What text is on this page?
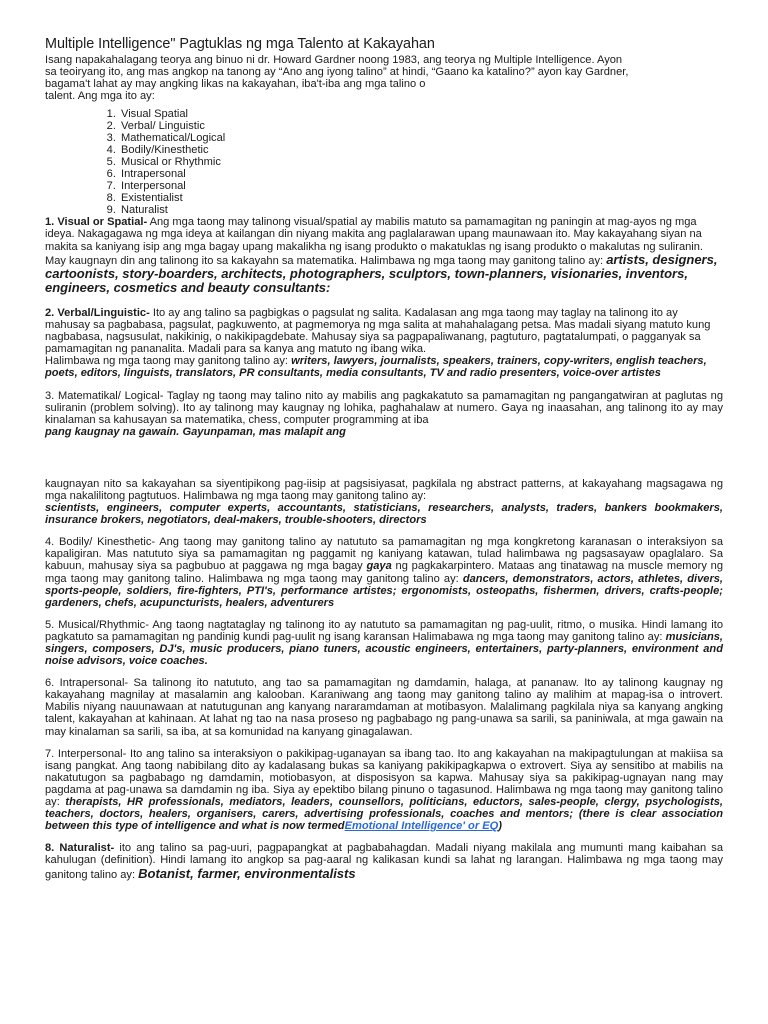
Multiple Intelligence" Pagtuklas ng mga Talento at Kakayahan

Isang napakahalagang teorya ang binuo ni dr. Howard Gardner noong 1983, ang teorya ng Multiple Intelligence. Ayon
sa teoiryang ito, ang mas angkop na tanong ay “Ano ang iyong talino” at hindi, “Gaano ka katalino?” ayon kay Gardner,
bagama't lahat ay may angking likas na kakayahan, iba't-iba ang mga talino o
talent. Ang mga ito ay:

1. Visual Spatial
2. Verbal/ Linguistic
3. Mathematical/Logical
4. Bodily/Kinesthetic
5. Musical or Rhythmic
6. Intrapersonal
7. Interpersonal
8. Existentialist
9. Naturalist

1. Visual or Spatial- Ang mga taong may talinong visual/spatial ay mabilis matuto sa pamamagitan ng paningin at mag-ayos ng mga ideya. Nakagagawa ng mga ideya at kailangan din niyang makita ang paglalarawan upang maunawaan ito. May kakayahang siyan na makita sa kaniyang isip ang mga bagay upang makalikha ng isang produkto o makatuklas ng isang produkto o makalutas ng suliranin. May kaugnayn din ang talinong ito sa kakayahn sa matematika. Halimbawa ng mga taong may ganitong talino ay: artists, designers, cartoonists, story-boarders, architects, photographers, sculptors, town-planners, visionaries, inventors, engineers, cosmetics and beauty consultants:

2. Verbal/Linguistic- Ito ay ang talino sa pagbigkas o pagsulat ng salita. Kadalasan ang mga taong may taglay na talinong ito ay mahusay sa pagbabasa, pagsulat, pagkuwento, at pagmemorya ng mga salita at mahahalagang petsa. Mas madali siyang matuto kung nagbabasa, nagsusulat, nakikinig, o nakikipagdebate. Mahusay siya sa pagpapaliwanang, pagtuturo, pagtatalumpati, o pagganyak sa pamamagitan ng pananalita. Madali para sa kanya ang matuto ng ibang wika.
Halimbawa ng mga taong may ganitong talino ay: writers, lawyers, journalists, speakers, trainers, copy-writers, english teachers, poets, editors, linguists, translators, PR consultants, media consultants, TV and radio presenters, voice-over artistes

3. Matematikal/ Logical- Taglay ng taong may talino nito ay mabilis ang pagkakatuto sa pamamagitan ng pangangatwiran at paglutas ng suliranin (problem solving). Ito ay talinong may kaugnay ng lohika, paghahalaw at numero. Gaya ng inaasahan, ang talinong ito ay may kinalaman sa kahusayan sa matematika, chess, computer programming at iba
pang kaugnay na gawain. Gayunpaman, mas malapit ang

kaugnayan nito sa kakayahan sa siyentipikong pag-iisip at pagsisiyasat, pagkilala ng abstract patterns, at kakayahang magsagawa ng mga nakalilitong pagtutuos. Halimbawa ng mga taong may ganitong talino ay:
scientists, engineers, computer experts, accountants, statisticians, researchers, analysts, traders, bankers bookmakers, insurance brokers, negotiators, deal-makers, trouble-shooters, directors

4. Bodily/ Kinesthetic- Ang taong may ganitong talino ay natututo sa pamamagitan ng mga kongkretong karanasan o interaksiyon sa kapaligiran. Mas natututo siya sa pamamagitan ng paggamit ng kaniyang katawan, tulad halimbawa ng pagsasayaw opaglalaro. Sa kabuun, mahusay siya sa pagbubuo at paggawa ng mga bagay gaya ng pagkakarpintero. Mataas ang tinatawag na muscle memory ng mga taong may ganitong talino. Halimbawa ng mga taong may ganitong talino ay: dancers, demonstrators, actors, athletes, divers, sports-people, soldiers, fire-fighters, PTI's, performance artistes; ergonomists, osteopaths, fishermen, drivers, crafts-people; gardeners, chefs, acupuncturists, healers, adventurers

5. Musical/Rhythmic- Ang taong nagtataglay ng talinong ito ay natututo sa pamamagitan ng pag-uulit, ritmo, o musika. Hindi lamang ito pagkatuto sa pamamagitan ng pandinig kundi pag-uulit ng isang karansan Halimabawa ng mga taong may ganitong talino ay: musicians, singers, composers, DJ's, music producers, piano tuners, acoustic engineers, entertainers, party-planners, environment and noise advisors, voice coaches.

6. Intrapersonal- Sa talinong ito natututo, ang tao sa pamamagitan ng damdamin, halaga, at pananaw. Ito ay talinong kaugnay ng kakayahang magnilay at masalamin ang kalooban. Karaniwang ang taong may ganitong talino ay malihim at mapag-isa o introvert. Mabilis niyang nauunawaan at natutugunan ang kanyang nararamdaman at motibasyon. Malalimang pagkilala niya sa kanyang angking talent, kakayahan at kahinaan. At lahat ng tao na nasa proseso ng pagbabago ng pang-unawa sa sarili, sa paniniwala, at mga gawain na may kinalaman sa sarili, sa iba, at sa komunidad na kanyang ginagalawan.

7. Interpersonal- Ito ang talino sa interaksiyon o pakikipag-uganayan sa ibang tao. Ito ang kakayahan na makipagtulungan at makiisa sa isang pangkat. Ang taong nabibilang dito ay kadalasang bukas sa kaniyang pakikipagkapwa o extrovert. Siya ay sensitibo at mabilis na nakatutugon sa pagbabago ng damdamin, motiobasyon, at disposisyon sa kapwa. Mahusay siya sa pakikipag-ugnayan nang may pagdama at pag-unawa sa damdamin ng iba. Siya ay epektibo bilang pinuno o tagasunod. Halimbawa ng mga taong may ganitong talino ay: therapists, HR professionals, mediators, leaders, counsellors, politicians, eductors, sales-people, clergy, psychologists, teachers, doctors, healers, organisers, carers, advertising professionals, coaches and mentors; (there is clear association between this type of intelligence and what is now termedEmotional Intelligence' or EQ)

8. Naturalist- ito ang talino sa pag-uuri, pagpapangkat at pagbabahagdan. Madali niyang makilala ang mumunti mang kaibahan sa kahulugan (definition). Hindi lamang ito angkop sa pag-aaral ng kalikasan kundi sa lahat ng larangan. Halimbawa ng mga taong may ganitong talino ay: Botanist, farmer, environmentalists
